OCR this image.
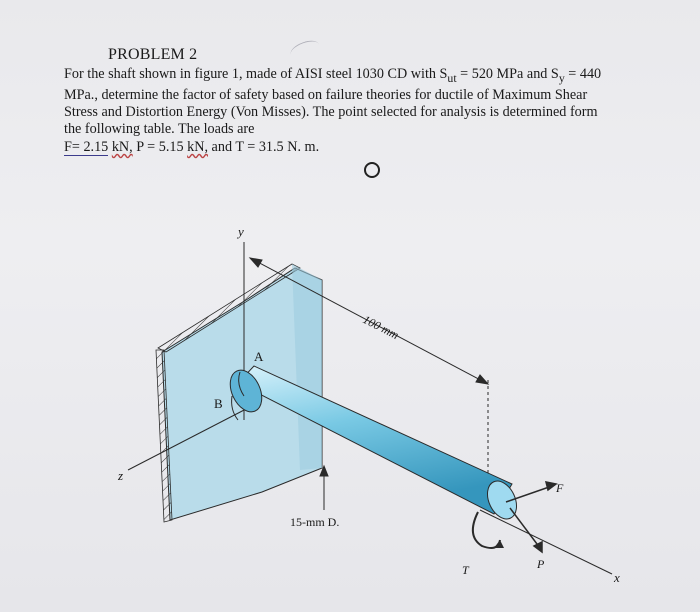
PROBLEM 2
For the shaft shown in figure 1, made of AISI steel 1030 CD with $S_{ut} = 520$ MPa and $S_y = 440$
MPa., determine the factor of safety based on failure theories for ductile of Maximum Shear
Stress and Distortion Energy (Von Misses). The point selected for analysis is determined form
the following table. The loads are
F= 2.15 kN, P = 5.15 kN, and T = 31.5 N. m.
y
z
x
A
B
F
P
T
100 mm
15-mm D.
